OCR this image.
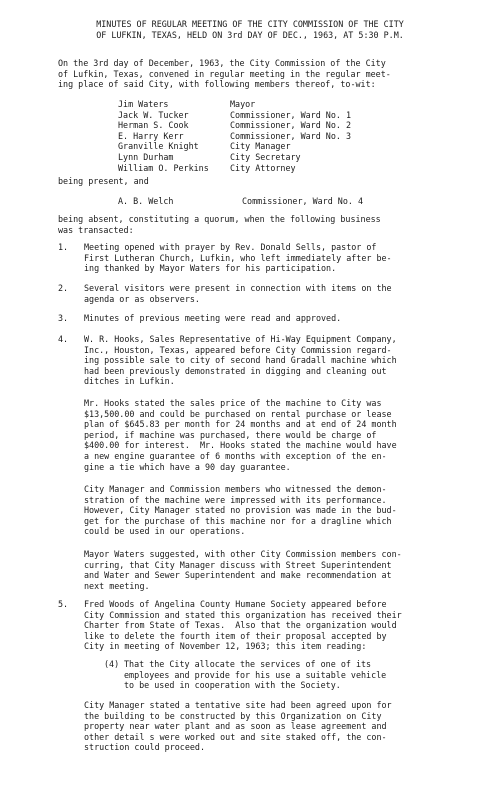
MINUTES OF REGULAR MEETING OF THE CITY COMMISSION OF THE CITY
OF LUFKIN, TEXAS, HELD ON 3rd DAY OF DEC., 1963, AT 5:30 P.M.

On the 3rd day of December, 1963, the City Commission of the City
of Lufkin, Texas, convened in regular meeting in the regular meet-
ing place of said City, with following members thereof, to-wit:

Jim Waters	Mayor
Jack W. Tucker	Commissioner, Ward No. 1
Herman S. Cook	Commissioner, Ward No. 2
E. Harry Kerr	Commissioner, Ward No. 3
Granville Knight	City Manager
Lynn Durham	City Secretary
William O. Perkins	City Attorney

being present, and

A. B. Welch	Commissioner, Ward No. 4

being absent, constituting a quorum, when the following business
was transacted:

1.	Meeting opened with prayer by Rev. Donald Sells, pastor of
First Lutheran Church, Lufkin, who left immediately after be-
ing thanked by Mayor Waters for his participation.

2.	Several visitors were present in connection with items on the
agenda or as observers.

3.	Minutes of previous meeting were read and approved.

4.	W. R. Hooks, Sales Representative of Hi-Way Equipment Company,
Inc., Houston, Texas, appeared before City Commission regard-
ing possible sale to city of second hand Gradall machine which
had been previously demonstrated in digging and cleaning out
ditches in Lufkin.

Mr. Hooks stated the sales price of the machine to City was
$13,500.00 and could be purchased on rental purchase or lease
plan of $645.83 per month for 24 months and at end of 24 month
period, if machine was purchased, there would be charge of
$400.00 for interest.  Mr. Hooks stated the machine would have
a new engine guarantee of 6 months with exception of the en-
gine a tie which have a 90 day guarantee.

City Manager and Commission members who witnessed the demon-
stration of the machine were impressed with its performance.
However, City Manager stated no provision was made in the bud-
get for the purchase of this machine nor for a dragline which
could be used in our operations.

Mayor Waters suggested, with other City Commission members con-
curring, that City Manager discuss with Street Superintendent
and Water and Sewer Superintendent and make recommendation at
next meeting.

5.	Fred Woods of Angelina County Humane Society appeared before
City Commission and stated this organization has received their
Charter from State of Texas.  Also that the organization would
like to delete the fourth item of their proposal accepted by
City in meeting of November 12, 1963; this item reading:

(4) That the City allocate the services of one of its
employees and provide for his use a suitable vehicle
to be used in cooperation with the Society.

City Manager stated a tentative site had been agreed upon for
the building to be constructed by this Organization on City
property near water plant and as soon as lease agreement and
other detail s were worked out and site staked off, the con-
struction could proceed.
